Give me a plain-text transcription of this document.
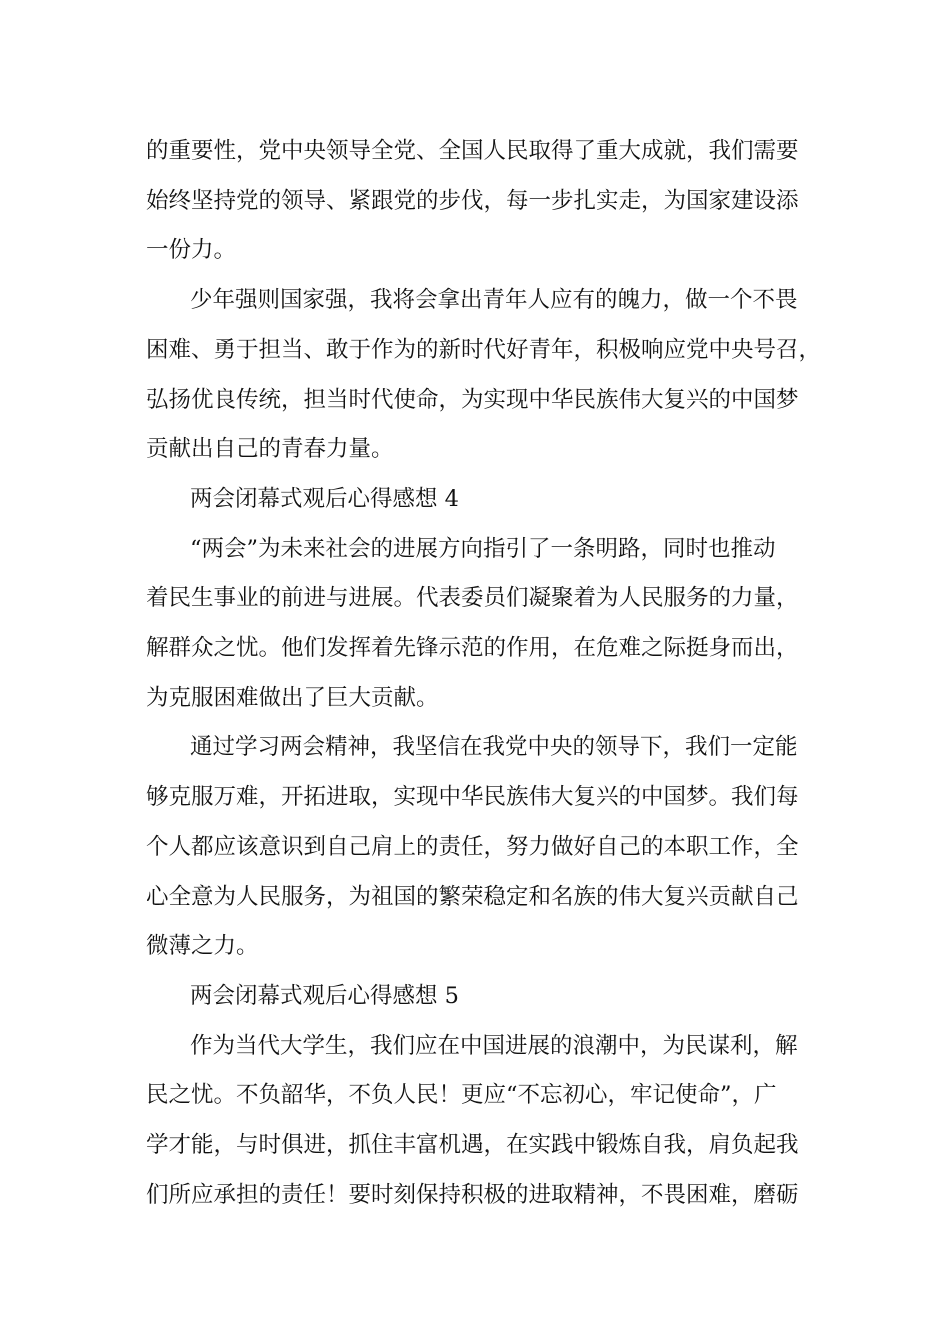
的重要性，党中央领导全党、全国人民取得了重大成就，我们需要
始终坚持党的领导、紧跟党的步伐，每一步扎实走，为国家建设添
一份力。

少年强则国家强，我将会拿出青年人应有的魄力，做一个不畏
困难、勇于担当、敢于作为的新时代好青年，积极响应党中央号召，
弘扬优良传统，担当时代使命，为实现中华民族伟大复兴的中国梦
贡献出自己的青春力量。

两会闭幕式观后心得感想 4

“两会”为未来社会的进展方向指引了一条明路，同时也推动
着民生事业的前进与进展。代表委员们凝聚着为人民服务的力量，
解群众之忧。他们发挥着先锋示范的作用，在危难之际挺身而出，
为克服困难做出了巨大贡献。

通过学习两会精神，我坚信在我党中央的领导下，我们一定能
够克服万难，开拓进取，实现中华民族伟大复兴的中国梦。我们每
个人都应该意识到自己肩上的责任，努力做好自己的本职工作，全
心全意为人民服务，为祖国的繁荣稳定和名族的伟大复兴贡献自己
微薄之力。

两会闭幕式观后心得感想 5

作为当代大学生，我们应在中国进展的浪潮中，为民谋利，解
民之忧。不负韶华，不负人民！更应“不忘初心，牢记使命”，广
学才能，与时俱进，抓住丰富机遇，在实践中锻炼自我，肩负起我
们所应承担的责任！要时刻保持积极的进取精神，不畏困难，磨砺
